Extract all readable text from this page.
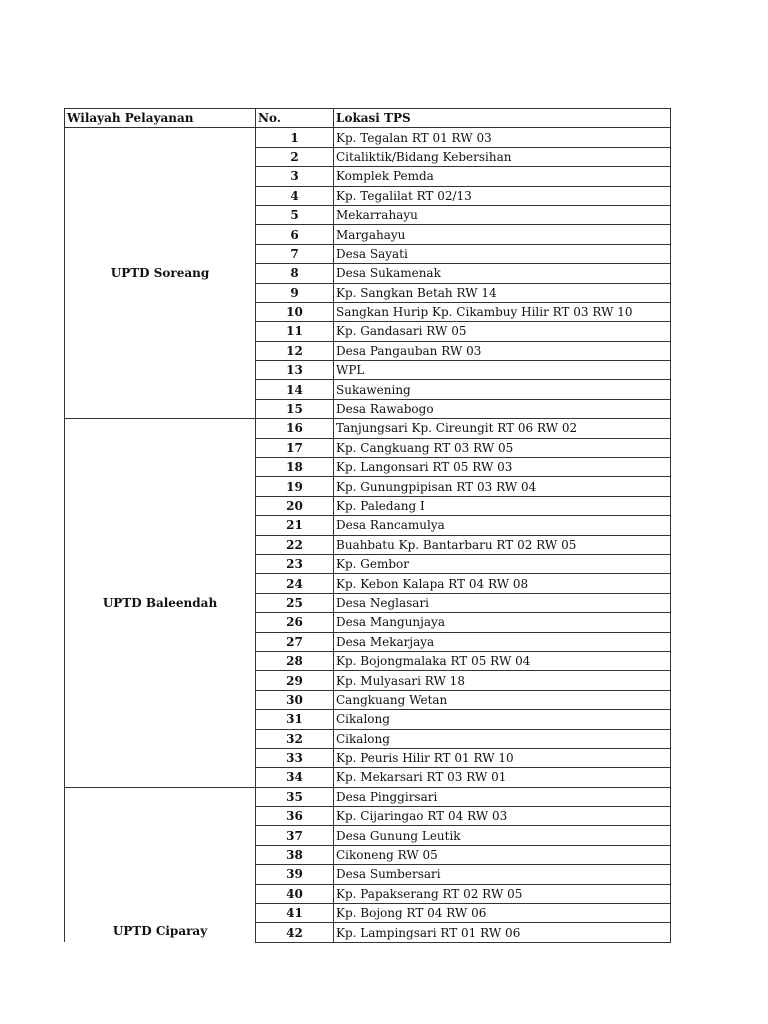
Wilayah Pelayanan	No.	Lokasi TPS
UPTD Soreang	1	Kp. Tegalan RT 01 RW 03
	2	Citaliktik/Bidang Kebersihan
	3	Komplek Pemda
	4	Kp. Tegalilat RT 02/13
	5	Mekarrahayu
	6	Margahayu
	7	Desa Sayati
	8	Desa Sukamenak
	9	Kp. Sangkan Betah RW 14
	10	Sangkan Hurip Kp. Cikambuy Hilir RT 03 RW 10
	11	Kp. Gandasari RW 05
	12	Desa Pangauban RW 03
	13	WPL
	14	Sukawening
	15	Desa Rawabogo
UPTD Baleendah	16	Tanjungsari Kp. Cireungit RT 06 RW 02
	17	Kp. Cangkuang RT 03 RW 05
	18	Kp. Langonsari RT 05 RW 03
	19	Kp. Gunungpipisan RT 03 RW 04
	20	Kp. Paledang I
	21	Desa Rancamulya
	22	Buahbatu Kp. Bantarbaru RT 02 RW 05
	23	Kp. Gembor
	24	Kp. Kebon Kalapa RT 04 RW 08
	25	Desa Neglasari
	26	Desa Mangunjaya
	27	Desa Mekarjaya
	28	Kp. Bojongmalaka RT 05 RW 04
	29	Kp. Mulyasari RW 18
	30	Cangkuang Wetan
	31	Cikalong
	32	Cikalong
	33	Kp. Peuris Hilir RT 01 RW 10
	34	Kp. Mekarsari RT 03 RW 01
UPTD Ciparay	35	Desa Pinggirsari
	36	Kp. Cijaringao RT 04 RW 03
	37	Desa Gunung Leutik
	38	Cikoneng RW 05
	39	Desa Sumbersari
	40	Kp. Papakserang RT 02 RW 05
	41	Kp. Bojong RT 04 RW 06
	42	Kp. Lampingsari RT 01 RW 06
